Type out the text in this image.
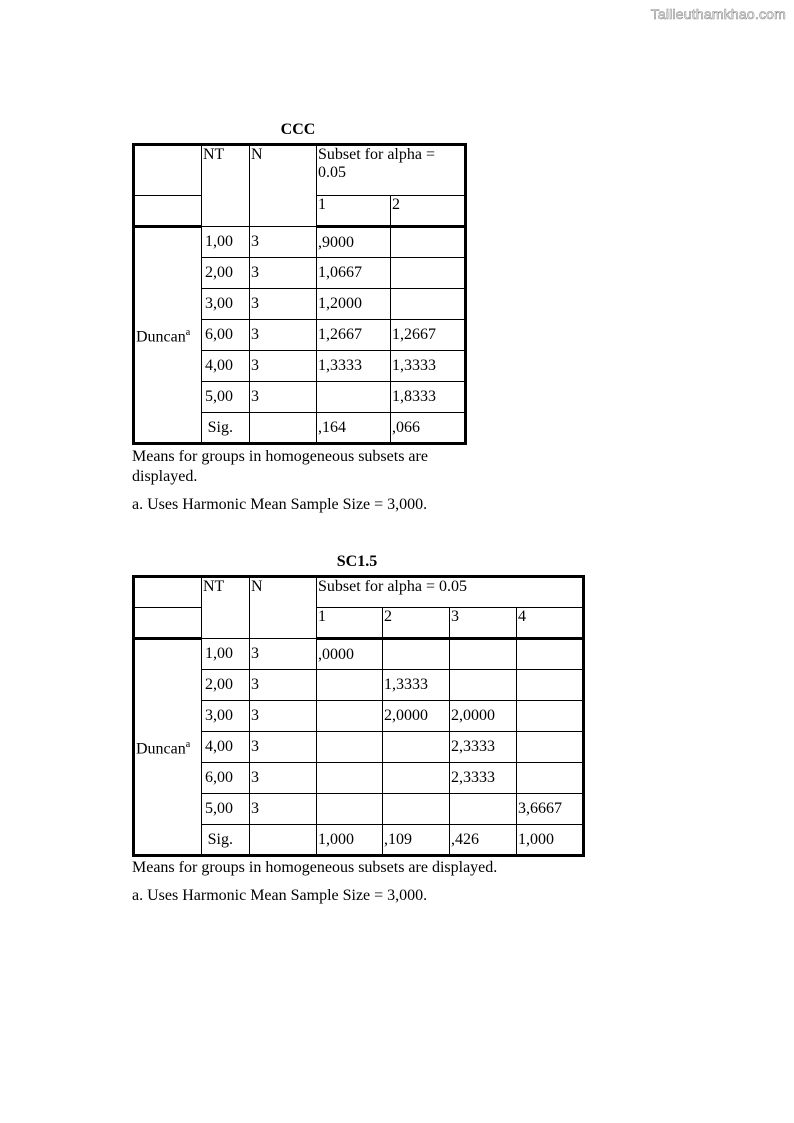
Tailieuthamkhao.com
CCC
	NT	N	Subset for alpha = 0.05	
			1	2
Duncan$^a$	1,00	3	,9000	
	2,00	3	1,0667	
	3,00	3	1,2000	
	6,00	3	1,2667	1,2667
	4,00	3	1,3333	1,3333
	5,00	3		1,8333
	Sig.		,164	,066
Means for groups in homogeneous subsets are displayed.
a. Uses Harmonic Mean Sample Size = 3,000.
SC1.5
	NT	N	Subset for alpha = 0.05			
			1	2	3	4
Duncan$^a$	1,00	3	,0000			
	2,00	3		1,3333		
	3,00	3		2,0000	2,0000	
	4,00	3			2,3333	
	6,00	3			2,3333	
	5,00	3				3,6667
	Sig.		1,000	,109	,426	1,000
Means for groups in homogeneous subsets are displayed.
a. Uses Harmonic Mean Sample Size = 3,000.
